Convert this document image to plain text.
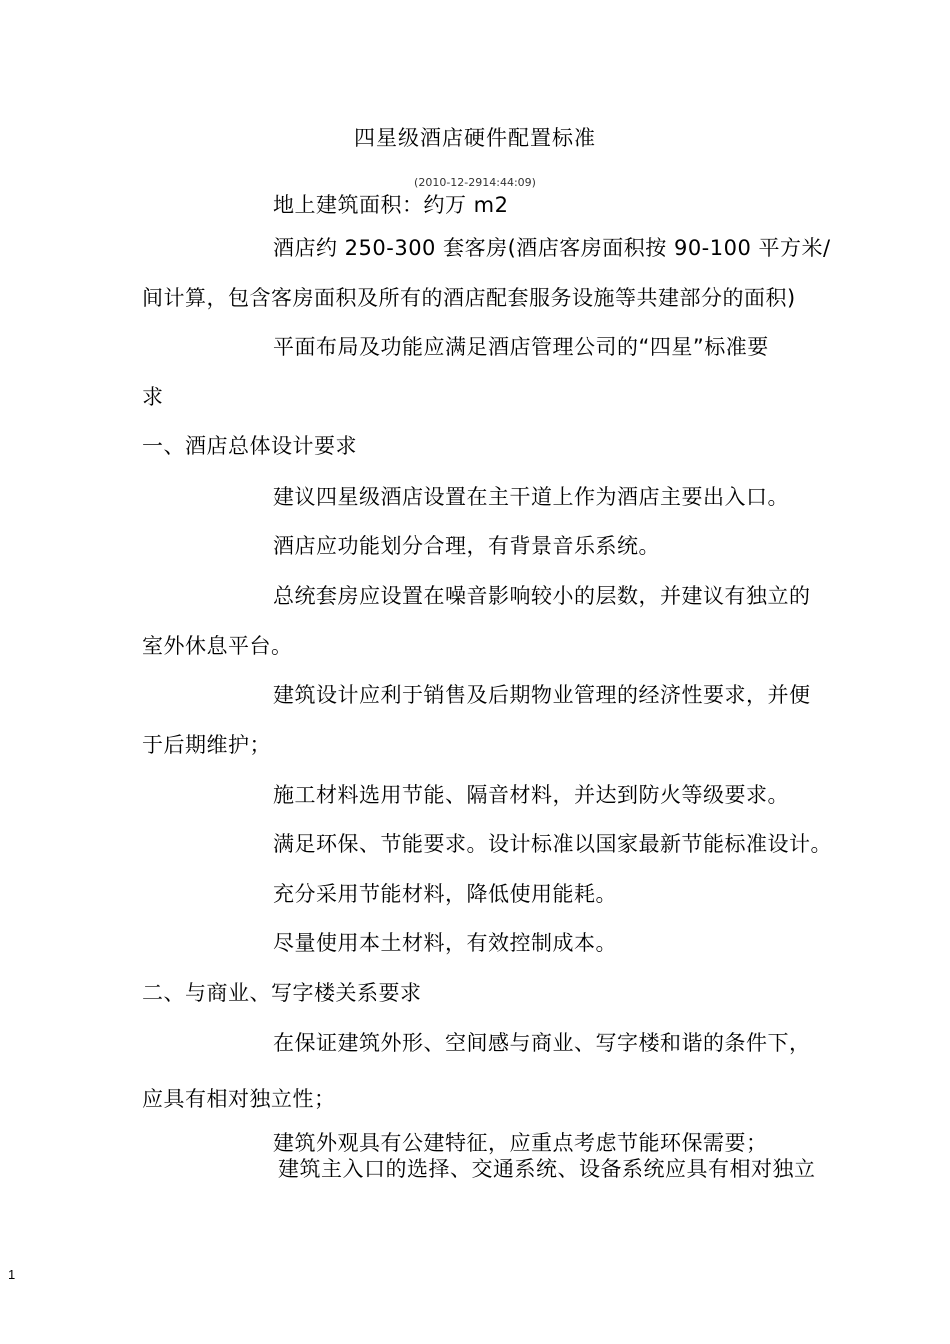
四星级酒店硬件配置标准
(2010-12-2914:44:09)
地上建筑面积：约万 m2
酒店约 250-300 套客房(酒店客房面积按 90-100 平方米/
间计算，包含客房面积及所有的酒店配套服务设施等共建部分的面积)
平面布局及功能应满足酒店管理公司的“四星”标准要
求
一、酒店总体设计要求
建议四星级酒店设置在主干道上作为酒店主要出入口。
酒店应功能划分合理，有背景音乐系统。
总统套房应设置在噪音影响较小的层数，并建议有独立的
室外休息平台。
建筑设计应利于销售及后期物业管理的经济性要求，并便
于后期维护；
施工材料选用节能、隔音材料，并达到防火等级要求。
满足环保、节能要求。设计标准以国家最新节能标准设计。
充分采用节能材料，降低使用能耗。
尽量使用本土材料，有效控制成本。
二、与商业、写字楼关系要求
在保证建筑外形、空间感与商业、写字楼和谐的条件下，
应具有相对独立性；
建筑外观具有公建特征，应重点考虑节能环保需要；
建筑主入口的选择、交通系统、设备系统应具有相对独立
1
